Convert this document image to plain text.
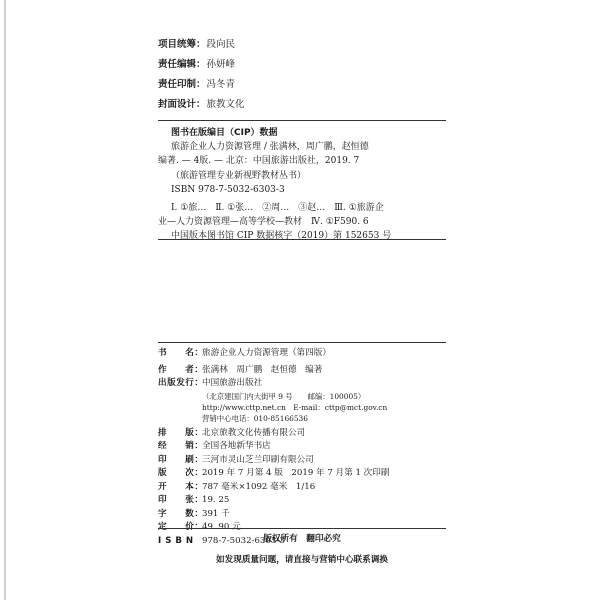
项目统筹： 段向民
责任编辑： 孙妍峰
责任印制： 冯冬青
封面设计： 旅教文化
图书在版编目（CIP）数据
旅游企业人力资源管理 / 张满林，周广鹏，赵恒德
编著. — 4版. — 北京：中国旅游出版社，2019. 7
（旅游管理专业新视野教材丛书）
ISBN 978-7-5032-6303-3
Ⅰ. ①旅…　Ⅱ. ①张…　②周…　③赵…　Ⅲ. ①旅游企
业—人力资源管理—高等学校—教材　Ⅳ. ①F590. 6
中国版本图书馆 CIP 数据核字（2019）第 152653 号
书　　名：
旅游企业人力资源管理（第四版）
作　　者：
张满林　周广鹏　赵恒德　编著
出版发行：
中国旅游出版社
（北京建国门内大街甲 9 号　　邮编：100005）
http://www.cttp.net.cn　E-mail：cttp@mct.gov.cn
营销中心电话：010-85166536
排　　版：
北京旅教文化传播有限公司
经　　销：
全国各地新华书店
印　　刷：
三河市灵山芝兰印刷有限公司
版　　次：
2019 年 7 月第 4 版　2019 年 7 月第 1 次印刷
开　　本：
787 毫米×1092 毫米　1/16
印　　张：
19. 25
字　　数：
391 千
定　　价：
49. 90 元
I S B N 978-7-5032-6303-3
版权所有　翻印必究
如发现质量问题，请直接与营销中心联系调换
